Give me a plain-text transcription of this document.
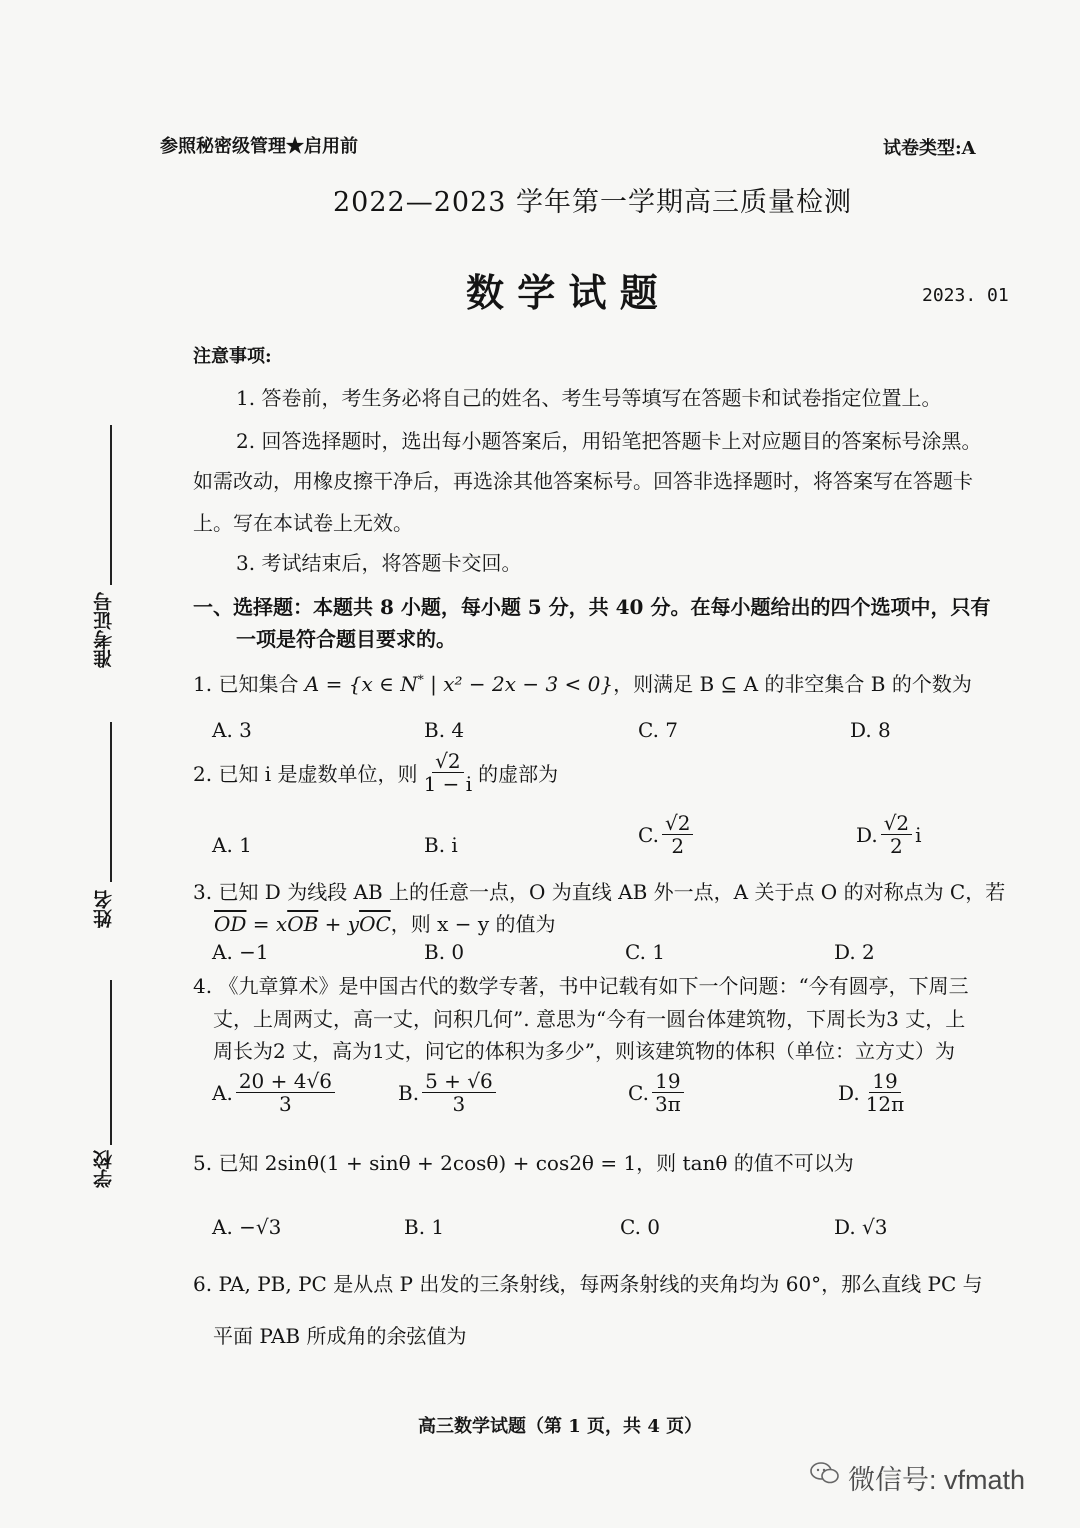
参照秘密级管理★启用前	试卷类型:A
2022—2023 学年第一学期高三质量检测
数 学 试 题	2023. 01
准考证号
姓名
学校
注意事项:
1. 答卷前，考生务必将自己的姓名、考生号等填写在答题卡和试卷指定位置上。
2. 回答选择题时，选出每小题答案后，用铅笔把答题卡上对应题目的答案标号涂黑。
如需改动，用橡皮擦干净后，再选涂其他答案标号。回答非选择题时，将答案写在答题卡
上。写在本试卷上无效。
3. 考试结束后，将答题卡交回。
一、选择题：本题共 8 小题，每小题 5 分，共 40 分。在每小题给出的四个选项中，只有
一项是符合题目要求的。
1. 已知集合 A = {x ∈ N* | x² − 2x − 3 < 0}，则满足 B ⊆ A 的非空集合 B 的个数为
A. 3	B. 4	C. 7	D. 8
2. 已知 i 是虚数单位，则 $\frac{√2}{1 - i}$ 的虚部为
A. 1	B. i	C. $\frac{√2}{2}$	D. $\frac{√2}{2}$ i
3. 已知 D 为线段 AB 上的任意一点，O 为直线 AB 外一点，A 关于点 O 的对称点为 C，若
$\overline{OD} = x\overline{OB} + y\overline{OC}$，则 x − y 的值为
A. −1	B. 0	C. 1	D. 2
4. 《九章算术》是中国古代的数学专著，书中记载有如下一个问题：“今有圆亭，下周三
丈，上周两丈，高一丈，问积几何”. 意思为“今有一圆台体建筑物，下周长为3 丈，上
周长为2 丈，高为1丈，问它的体积为多少”，则该建筑物的体积（单位：立方丈）为
A. $\frac{20 + 4√6}{3}$	B. $\frac{5 + √6}{3}$	C. $\frac{19}{3\pi}$	D. $\frac{19}{12\pi}$
5. 已知 2sinθ(1 + sinθ + 2cosθ) + cos2θ = 1，则 tanθ 的值不可以为
A. −√3	B. 1	C. 0	D. √3
6. PA, PB, PC 是从点 P 出发的三条射线，每两条射线的夹角均为 60°，那么直线 PC 与
平面 PAB 所成角的余弦值为
高三数学试题（第 1 页，共 4 页）
微信号: vfmath
